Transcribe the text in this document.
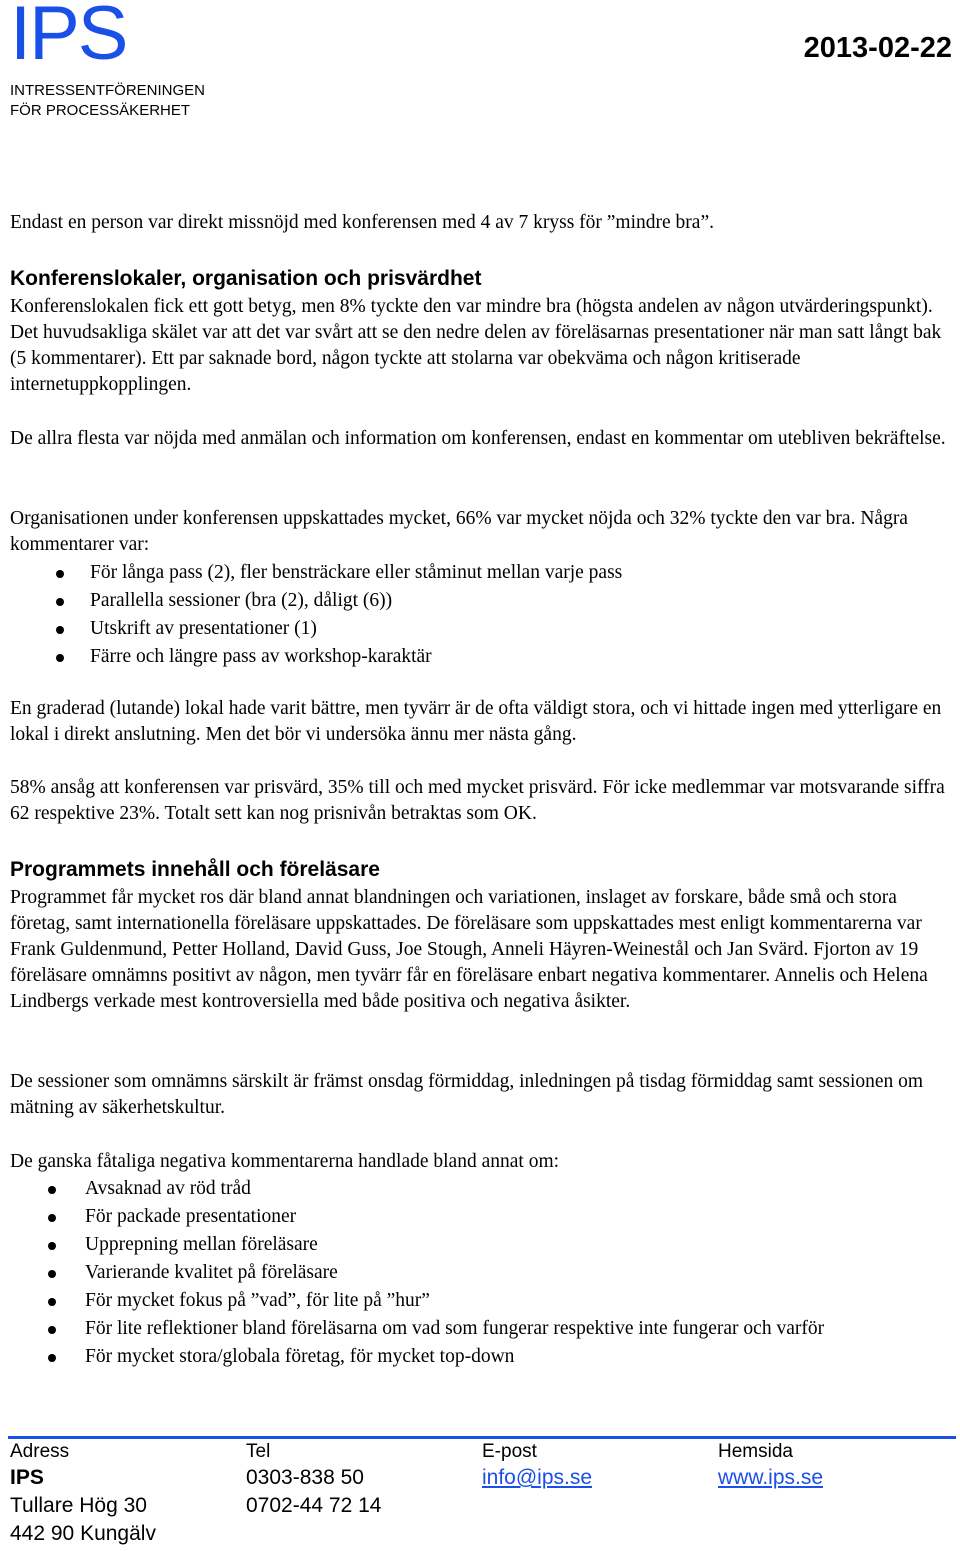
IPS
INTRESSENTFÖRENINGEN
FÖR PROCESSÄKERHET
2013-02-22

Endast en person var direkt missnöjd med konferensen med 4 av 7 kryss för ”mindre bra”.

Konferenslokaler, organisation och prisvärdhet

Konferenslokalen fick ett gott betyg, men 8% tyckte den var mindre bra (högsta andelen av någon utvärderingspunkt). Det huvudsakliga skälet var att det var svårt att se den nedre delen av föreläsarnas presentationer när man satt långt bak (5 kommentarer). Ett par saknade bord, någon tyckte att stolarna var obekväma och någon kritiserade internetuppkopplingen.

De allra flesta var nöjda med anmälan och information om konferensen, endast en kommentar om utebliven bekräftelse.

Organisationen under konferensen uppskattades mycket, 66% var mycket nöjda och 32% tyckte den var bra. Några kommentarer var:

För långa pass (2), fler bensträckare eller ståminut mellan varje pass
Parallella sessioner (bra (2), dåligt (6))
Utskrift av presentationer (1)
Färre och längre pass av workshop-karaktär

En graderad (lutande) lokal hade varit bättre, men tyvärr är de ofta väldigt stora, och vi hittade ingen med ytterligare en lokal i direkt anslutning. Men det bör vi undersöka ännu mer nästa gång.

58% ansåg att konferensen var prisvärd, 35% till och med mycket prisvärd. För icke medlemmar var motsvarande siffra 62 respektive 23%. Totalt sett kan nog prisnivån betraktas som OK.

Programmets innehåll och föreläsare

Programmet får mycket ros där bland annat blandningen och variationen, inslaget av forskare, både små och stora företag, samt internationella föreläsare uppskattades. De föreläsare som uppskattades mest enligt kommentarerna var Frank Guldenmund, Petter Holland, David Guss, Joe Stough, Anneli Häyren-Weinestål och Jan Svärd. Fjorton av 19 föreläsare omnämns positivt av någon, men tyvärr får en föreläsare enbart negativa kommentarer. Annelis och Helena Lindbergs verkade mest kontroversiella med både positiva och negativa åsikter.

De sessioner som omnämns särskilt är främst onsdag förmiddag, inledningen på tisdag förmiddag samt sessionen om mätning av säkerhetskultur.

De ganska fåtaliga negativa kommentarerna handlade bland annat om:

Avsaknad av röd tråd
För packade presentationer
Upprepning mellan föreläsare
Varierande kvalitet på föreläsare
För mycket fokus på ”vad”, för lite på ”hur”
För lite reflektioner bland föreläsarna om vad som fungerar respektive inte fungerar och varför
För mycket stora/globala företag, för mycket top-down
Adress
IPS
Tullare Hög 30
442 90 Kungälv
Tel
0303-838 50
0702-44 72 14
E-post
info@ips.se
Hemsida
www.ips.se
